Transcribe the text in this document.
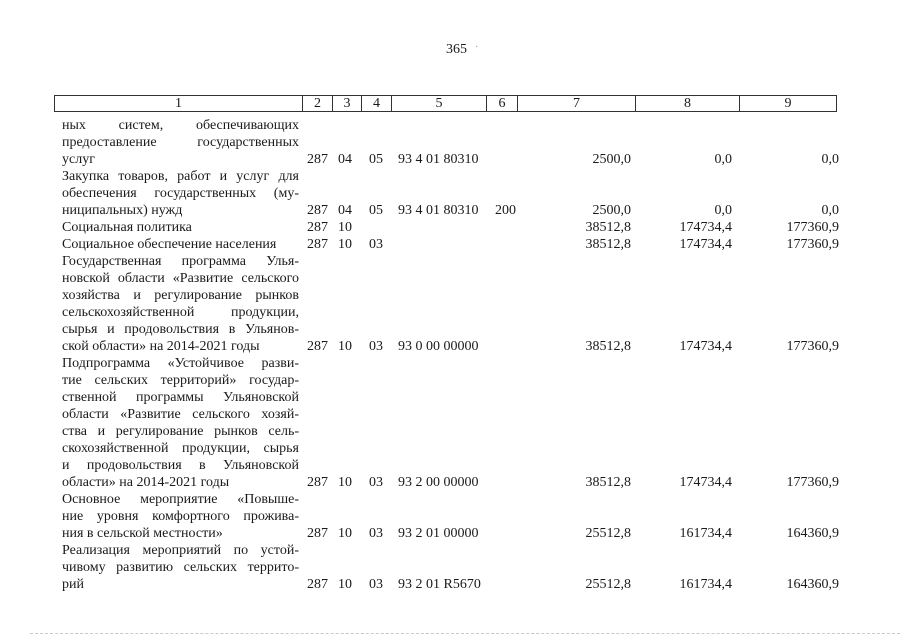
365 ·
1	2	3	4	5	6	7	8	9
ных систем, обеспечивающих
предоставление государственных
услуг	287 04 05 93 4 01 80310	2500,0	0,0	0,0
Закупка товаров, работ и услуг для
обеспечения государственных (му-
ниципальных) нужд	287 04 05 93 4 01 80310 200	2500,0	0,0	0,0
Социальная политика	287 10	38512,8	174734,4	177360,9
Социальное обеспечение населения	287 10 03	38512,8	174734,4	177360,9
Государственная программа Улья-
новской области «Развитие сельского
хозяйства и регулирование рынков
сельскохозяйственной продукции,
сырья и продовольствия в Ульянов-
ской области» на 2014-2021 годы	287 10 03 93 0 00 00000	38512,8	174734,4	177360,9
Подпрограмма «Устойчивое разви-
тие сельских территорий» государ-
ственной программы Ульяновской
области «Развитие сельского хозяй-
ства и регулирование рынков сель-
скохозяйственной продукции, сырья
и продовольствия в Ульяновской
области» на 2014-2021 годы	287 10 03 93 2 00 00000	38512,8	174734,4	177360,9
Основное мероприятие «Повыше-
ние уровня комфортного прожива-
ния в сельской местности»	287 10 03 93 2 01 00000	25512,8	161734,4	164360,9
Реализация мероприятий по устой-
чивому развитию сельских террито-
рий	287 10 03 93 2 01 R5670	25512,8	161734,4	164360,9
